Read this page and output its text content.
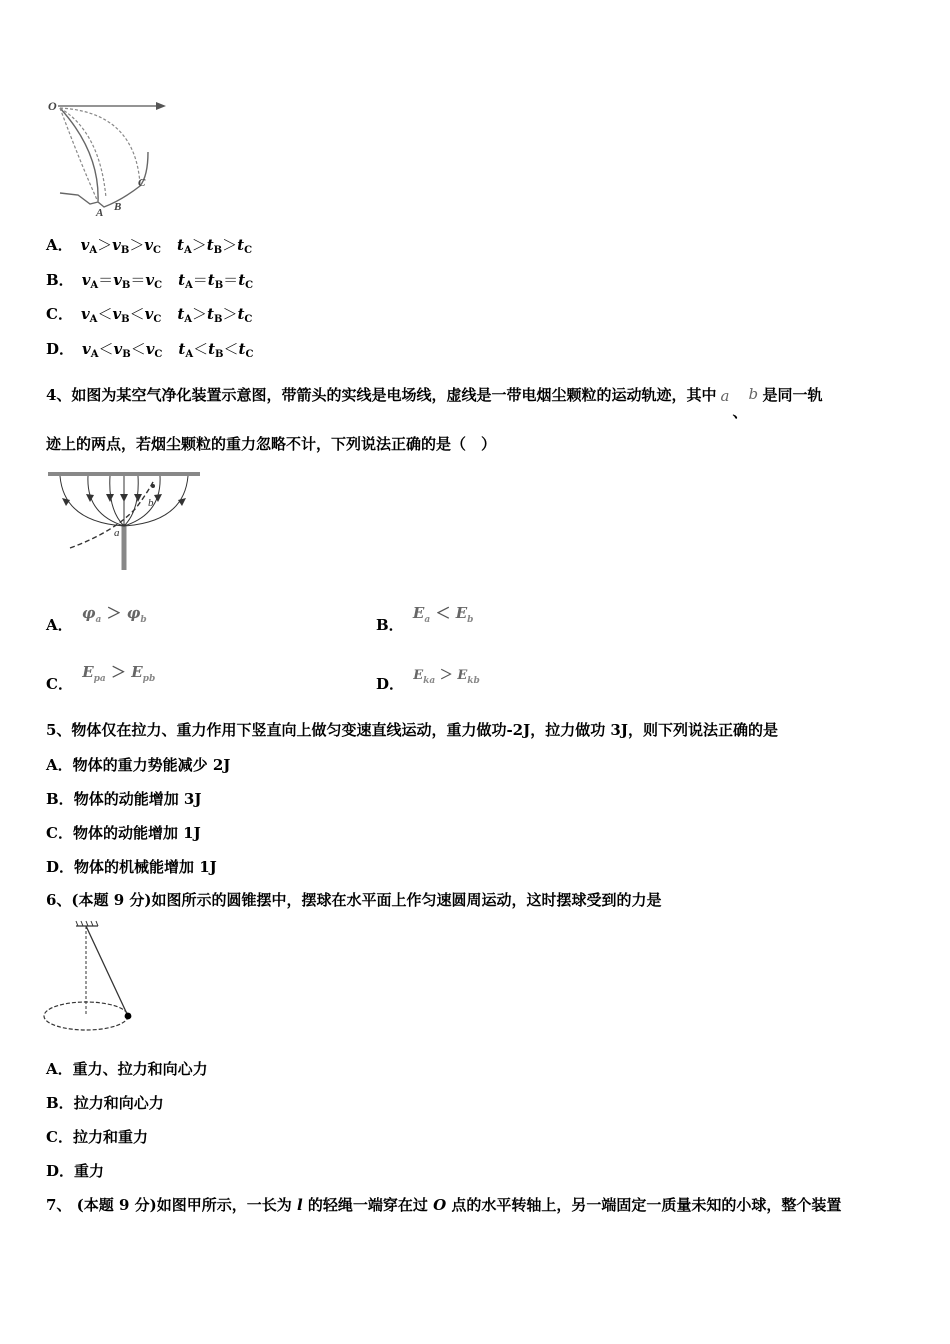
O
A B
C
A． $v_A>v_B>v_C$ $t_A>t_B>t_C$
B． $v_A=v_B=v_C$ $t_A=t_B=t_C$
C． $v_A<v_B<v_C$ $t_A>t_B>t_C$
D． $v_A<v_B<v_C$ $t_A<t_B<t_C$
4、如图为某空气净化装置示意图，带箭头的实线是电场线，虚线是一带电烟尘颗粒的运动轨迹，其中 a
、
b 是同一轨
迹上的两点，若烟尘颗粒的重力忽略不计，下列说法正确的是（　）
b
a
A． $\varphi_a > \varphi_b$	B． $E_a < E_b$
C． $E_{pa} > E_{pb}$	D． $E_{ka} > E_{kb}$
5、物体仅在拉力、重力作用下竖直向上做匀变速直线运动，重力做功-2J，拉力做功 3J，则下列说法正确的是
A．物体的重力势能减少 2J
B．物体的动能增加 3J
C．物体的动能增加 1J
D．物体的机械能增加 1J
6、(本题 9 分)如图所示的圆锥摆中，摆球在水平面上作匀速圆周运动，这时摆球受到的力是
A．重力、拉力和向心力
B．拉力和向心力
C．拉力和重力
D．重力
7、 (本题 9 分)如图甲所示，一长为 l 的轻绳一端穿在过 O 点的水平转轴上，另一端固定一质量未知的小球，整个装置
